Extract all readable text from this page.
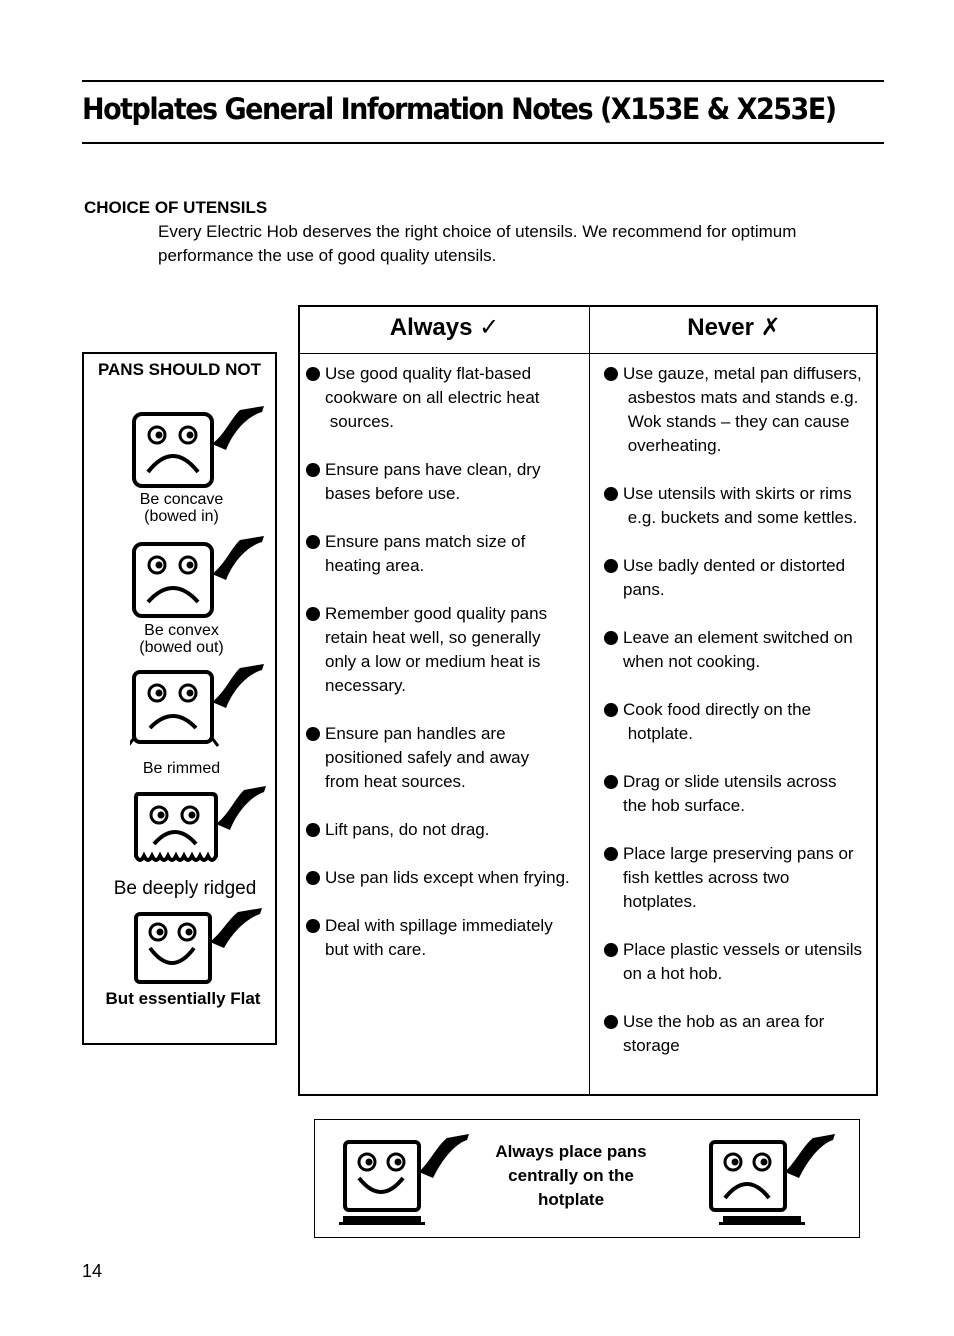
Hotplates General Information Notes (X153E & X253E)
CHOICE OF UTENSILS
Every Electric Hob deserves the right choice of utensils. We recommend for optimum
performance the use of good quality utensils.
PANS SHOULD NOT
Be concave
(bowed in)
Be convex
(bowed out)
Be rimmed
Be deeply ridged
But essentially Flat
Always ✓	Never ✗
Use good quality flat-based
cookware on all electric heat
sources.
Ensure pans have clean, dry
bases before use.
Ensure pans match size of
heating area.
Remember good quality pans
retain heat well, so generally
only a low or medium heat is
necessary.
Ensure pan handles are
positioned safely and away
from heat sources.
Lift pans, do not drag.
Use pan lids except when frying.
Deal with spillage immediately
but with care.
Use gauze, metal pan diffusers,
asbestos mats and stands e.g.
Wok stands – they can cause
overheating.
Use utensils with skirts or rims
e.g. buckets and some kettles.
Use badly dented or distorted
pans.
Leave an element switched on
when not cooking.
Cook food directly on the
hotplate.
Drag or slide utensils across
the hob surface.
Place large preserving pans or
fish kettles across two
hotplates.
Place plastic vessels or utensils
on a hot hob.
Use the hob as an area for
storage
Always place pans
centrally on the
hotplate
14
